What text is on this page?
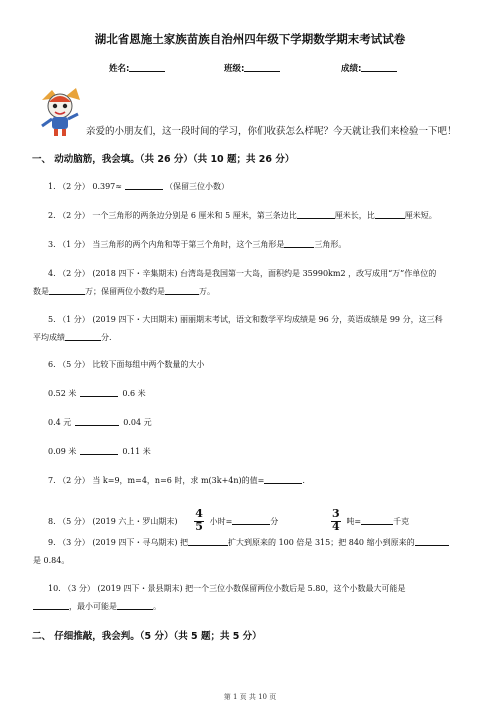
湖北省恩施土家族苗族自治州四年级下学期数学期末考试试卷
姓名:	班级:	成绩:
亲爱的小朋友们，这一段时间的学习，你们收获怎么样呢？今天就让我们来检验一下吧！
一、 动动脑筋，我会填。（共 26 分）（共 10 题；共 26 分）
1. （2 分） 0.397≈	（保留三位小数）
2. （2 分） 一个三角形的两条边分别是 6 厘米和 5 厘米，第三条边比	厘米长，比	厘米短。
3. （1 分） 当三角形的两个内角和等于第三个角时，这个三角形是	三角形。
4. （2 分） (2018 四下・辛集期末) 台湾岛是我国第一大岛，面积约是 35990km2 ，改写成用“万”作单位的
数是	万；保留两位小数约是	万。
5. （1 分） (2019 四下・大田期末) 丽丽期末考试，语文和数学平均成绩是 96 分，英语成绩是 99 分，这三科
平均成绩	分.
6. （5 分） 比较下面每组中两个数量的大小
0.52 米	0.6 米
0.4 元	0.04 元
0.09 米	0.11 米
7. （2 分） 当 k=9，m=4，n=6 时，求 m(3k+4n)的值=	.
8. （5 分） (2019 六上・罗山期末) $\frac{4}{5}$ 小时=	分	$\frac{3}{4}$ 吨=	千克
9. （3 分） (2019 四下・寻乌期末) 把	扩大到原来的 100 倍是 315；把 840 缩小到原来的
是 0.84。
10. （3 分） (2019 四下・景县期末) 把一个三位小数保留两位小数后是 5.80，这个小数最大可能是
，最小可能是	。
二、 仔细推敲，我会判。（5 分）（共 5 题；共 5 分）
第 1 页 共 10 页
